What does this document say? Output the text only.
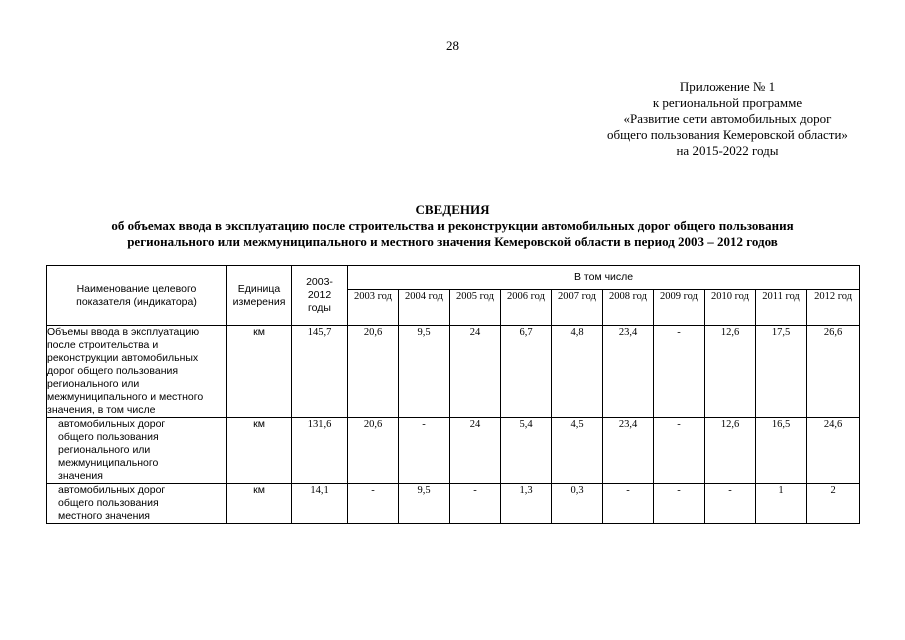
28
Приложение № 1
к региональной программе
«Развитие сети автомобильных дорог
общего пользования Кемеровской области»
на 2015-2022 годы
СВЕДЕНИЯ
об объемах ввода в эксплуатацию после строительства и реконструкции автомобильных дорог общего пользования
регионального или межмуниципального и местного значения Кемеровской области в период 2003 – 2012 годов
Наименование целевого показателя (индикатора)	Единица измерения	2003-2012 годы	В том числе									
			2003 год	2004 год	2005 год	2006 год	2007 год	2008 год	2009 год	2010 год	2011 год	2012 год
Объемы ввода в эксплуатацию после строительства и реконструкции автомобильных дорог общего пользования регионального или межмуниципального и местного значения, в том числе	км	145,7	20,6	9,5	24	6,7	4,8	23,4	-	12,6	17,5	26,6
автомобильных дорог общего пользования регионального или межмуниципального значения	км	131,6	20,6	-	24	5,4	4,5	23,4	-	12,6	16,5	24,6
автомобильных дорог общего пользования местного значения	км	14,1	-	9,5	-	1,3	0,3	-	-	-	1	2
